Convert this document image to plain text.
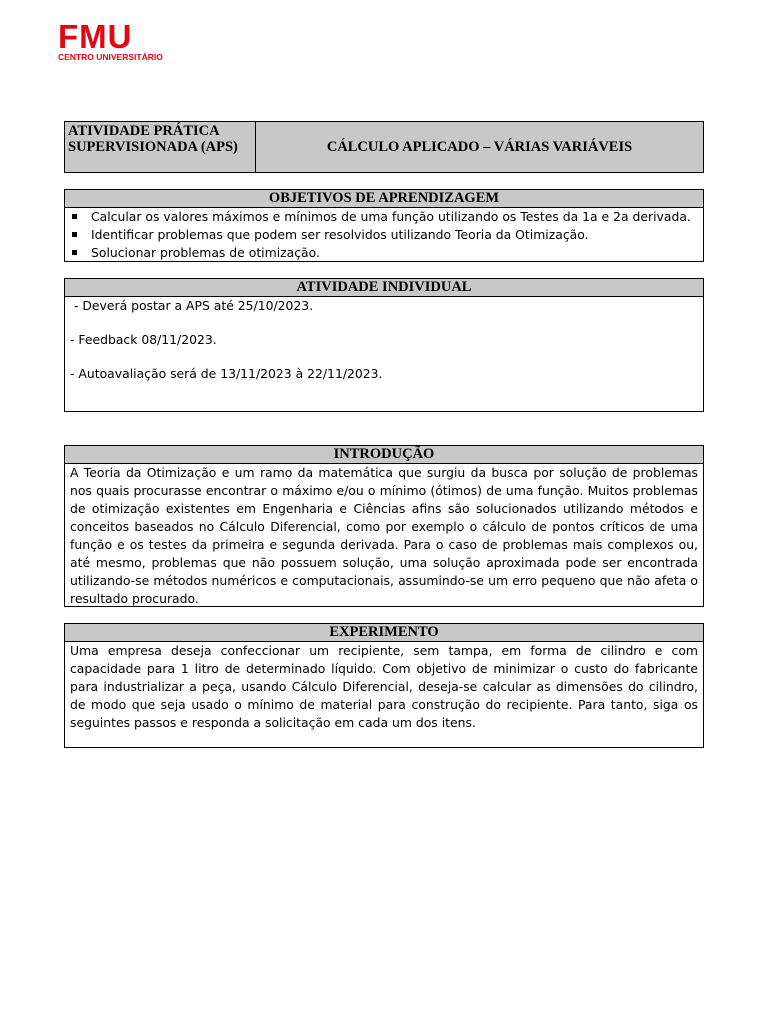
FMU
CENTRO UNIVERSITÁRIO
ATIVIDADE PRÁTICA SUPERVISIONADA (APS)	CÁLCULO APLICADO – VÁRIAS VARIÁVEIS
OBJETIVOS DE APRENDIZAGEM
Calcular os valores máximos e mínimos de uma função utilizando os Testes da 1a e 2a derivada.
Identificar problemas que podem ser resolvidos utilizando Teoria da Otimização.
Solucionar problemas de otimização.
ATIVIDADE INDIVIDUAL

- Deverá postar a APS até 25/10/2023.

- Feedback 08/11/2023.

- Autoavaliação será de 13/11/2023 à 22/11/2023.

INTRODUÇÃO
A Teoria da Otimização e um ramo da matemática que surgiu da busca por solução de problemas nos quais procurasse encontrar o máximo e/ou o mínimo (ótimos) de uma função. Muitos problemas de otimização existentes em Engenharia e Ciências afins são solucionados utilizando métodos e conceitos baseados no Cálculo Diferencial, como por exemplo o cálculo de pontos críticos de uma função e os testes da primeira e segunda derivada. Para o caso de problemas mais complexos ou, até mesmo, problemas que não possuem solução, uma solução aproximada pode ser encontrada utilizando-se métodos numéricos e computacionais, assumindo-se um erro pequeno que não afeta o resultado procurado.
EXPERIMENTO
Uma empresa deseja confeccionar um recipiente, sem tampa, em forma de cilindro e com capacidade para 1 litro de determinado líquido. Com objetivo de minimizar o custo do fabricante para industrializar a peça, usando Cálculo Diferencial, deseja-se calcular as dimensões do cilindro, de modo que seja usado o mínimo de material para construção do recipiente. Para tanto, siga os seguintes passos e responda a solicitação em cada um dos itens.
